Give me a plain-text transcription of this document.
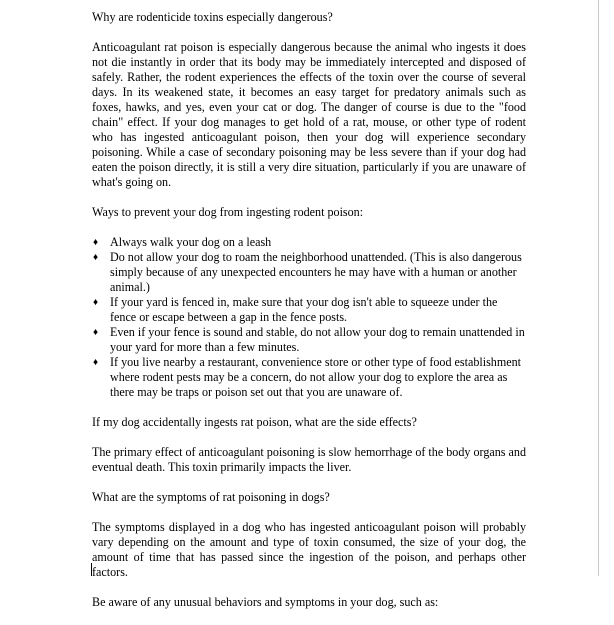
Why are rodenticide toxins especially dangerous?

Anticoagulant rat poison is especially dangerous because the animal who ingests it does not die instantly in order that its body may be immediately intercepted and disposed of safely. Rather, the rodent experiences the effects of the toxin over the course of several days. In its weakened state, it becomes an easy target for predatory animals such as foxes, hawks, and yes, even your cat or dog. The danger of course is due to the "food chain" effect. If your dog manages to get hold of a rat, mouse, or other type of rodent who has ingested anticoagulant poison, then your dog will experience secondary poisoning. While a case of secondary poisoning may be less severe than if your dog had eaten the poison directly, it is still a very dire situation, particularly if you are unaware of what's going on.

Ways to prevent your dog from ingesting rodent poison:

♦ Always walk your dog on a leash
♦ Do not allow your dog to roam the neighborhood unattended. (This is also dangerous simply because of any unexpected encounters he may have with a human or another animal.)
♦ If your yard is fenced in, make sure that your dog isn't able to squeeze under the fence or escape between a gap in the fence posts.
♦ Even if your fence is sound and stable, do not allow your dog to remain unattended in your yard for more than a few minutes.
♦ If you live nearby a restaurant, convenience store or other type of food establishment where rodent pests may be a concern, do not allow your dog to explore the area as there may be traps or poison set out that you are unaware of.

If my dog accidentally ingests rat poison, what are the side effects?

The primary effect of anticoagulant poisoning is slow hemorrhage of the body organs and eventual death. This toxin primarily impacts the liver.

What are the symptoms of rat poisoning in dogs?

The symptoms displayed in a dog who has ingested anticoagulant poison will probably vary depending on the amount and type of toxin consumed, the size of your dog, the amount of time that has passed since the ingestion of the poison, and perhaps other factors.

Be aware of any unusual behaviors and symptoms in your dog, such as:
